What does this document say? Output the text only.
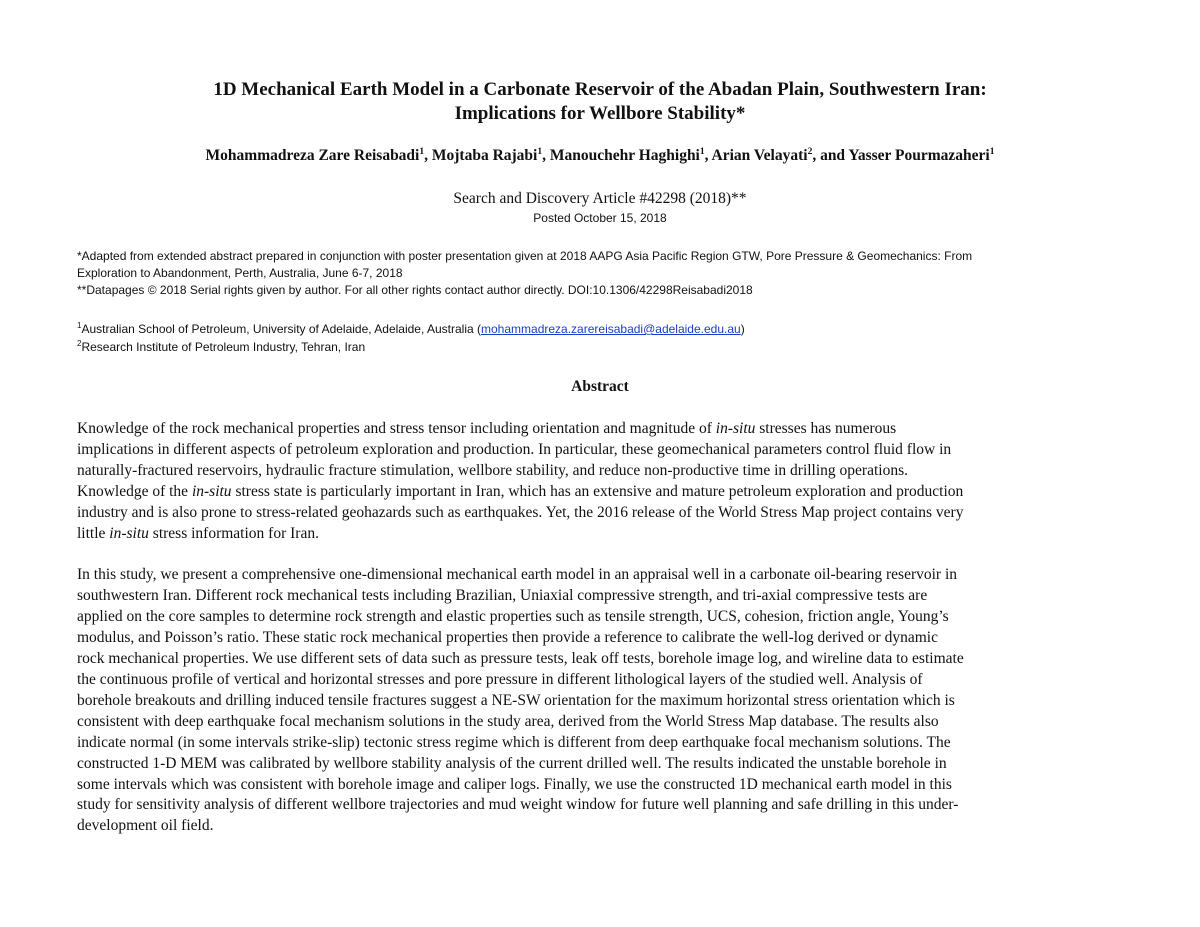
1D Mechanical Earth Model in a Carbonate Reservoir of the Abadan Plain, Southwestern Iran:
Implications for Wellbore Stability*
Mohammadreza Zare Reisabadi$^1$, Mojtaba Rajabi$^1$, Manouchehr Haghighi$^1$, Arian Velayati$^2$, and Yasser Pourmazaheri$^1$
Search and Discovery Article #42298 (2018)**
Posted October 15, 2018

*Adapted from extended abstract prepared in conjunction with poster presentation given at 2018 AAPG Asia Pacific Region GTW, Pore Pressure & Geomechanics: From

Exploration to Abandonment, Perth, Australia, June 6-7, 2018

**Datapages © 2018 Serial rights given by author. For all other rights contact author directly. DOI:10.1306/42298Reisabadi2018

$^1$Australian School of Petroleum, University of Adelaide, Adelaide, Australia (mohammadreza.zarereisabadi@adelaide.edu.au)

$^2$Research Institute of Petroleum Industry, Tehran, Iran

Abstract

Knowledge of the rock mechanical properties and stress tensor including orientation and magnitude of in-situ stresses has numerous
implications in different aspects of petroleum exploration and production. In particular, these geomechanical parameters control fluid flow in
naturally-fractured reservoirs, hydraulic fracture stimulation, wellbore stability, and reduce non-productive time in drilling operations.
Knowledge of the in-situ stress state is particularly important in Iran, which has an extensive and mature petroleum exploration and production
industry and is also prone to stress-related geohazards such as earthquakes. Yet, the 2016 release of the World Stress Map project contains very
little in-situ stress information for Iran.

In this study, we present a comprehensive one-dimensional mechanical earth model in an appraisal well in a carbonate oil-bearing reservoir in
southwestern Iran. Different rock mechanical tests including Brazilian, Uniaxial compressive strength, and tri-axial compressive tests are
applied on the core samples to determine rock strength and elastic properties such as tensile strength, UCS, cohesion, friction angle, Young’s
modulus, and Poisson’s ratio. These static rock mechanical properties then provide a reference to calibrate the well-log derived or dynamic
rock mechanical properties. We use different sets of data such as pressure tests, leak off tests, borehole image log, and wireline data to estimate
the continuous profile of vertical and horizontal stresses and pore pressure in different lithological layers of the studied well. Analysis of
borehole breakouts and drilling induced tensile fractures suggest a NE-SW orientation for the maximum horizontal stress orientation which is
consistent with deep earthquake focal mechanism solutions in the study area, derived from the World Stress Map database. The results also
indicate normal (in some intervals strike-slip) tectonic stress regime which is different from deep earthquake focal mechanism solutions. The
constructed 1-D MEM was calibrated by wellbore stability analysis of the current drilled well. The results indicated the unstable borehole in
some intervals which was consistent with borehole image and caliper logs. Finally, we use the constructed 1D mechanical earth model in this
study for sensitivity analysis of different wellbore trajectories and mud weight window for future well planning and safe drilling in this under-
development oil field.
